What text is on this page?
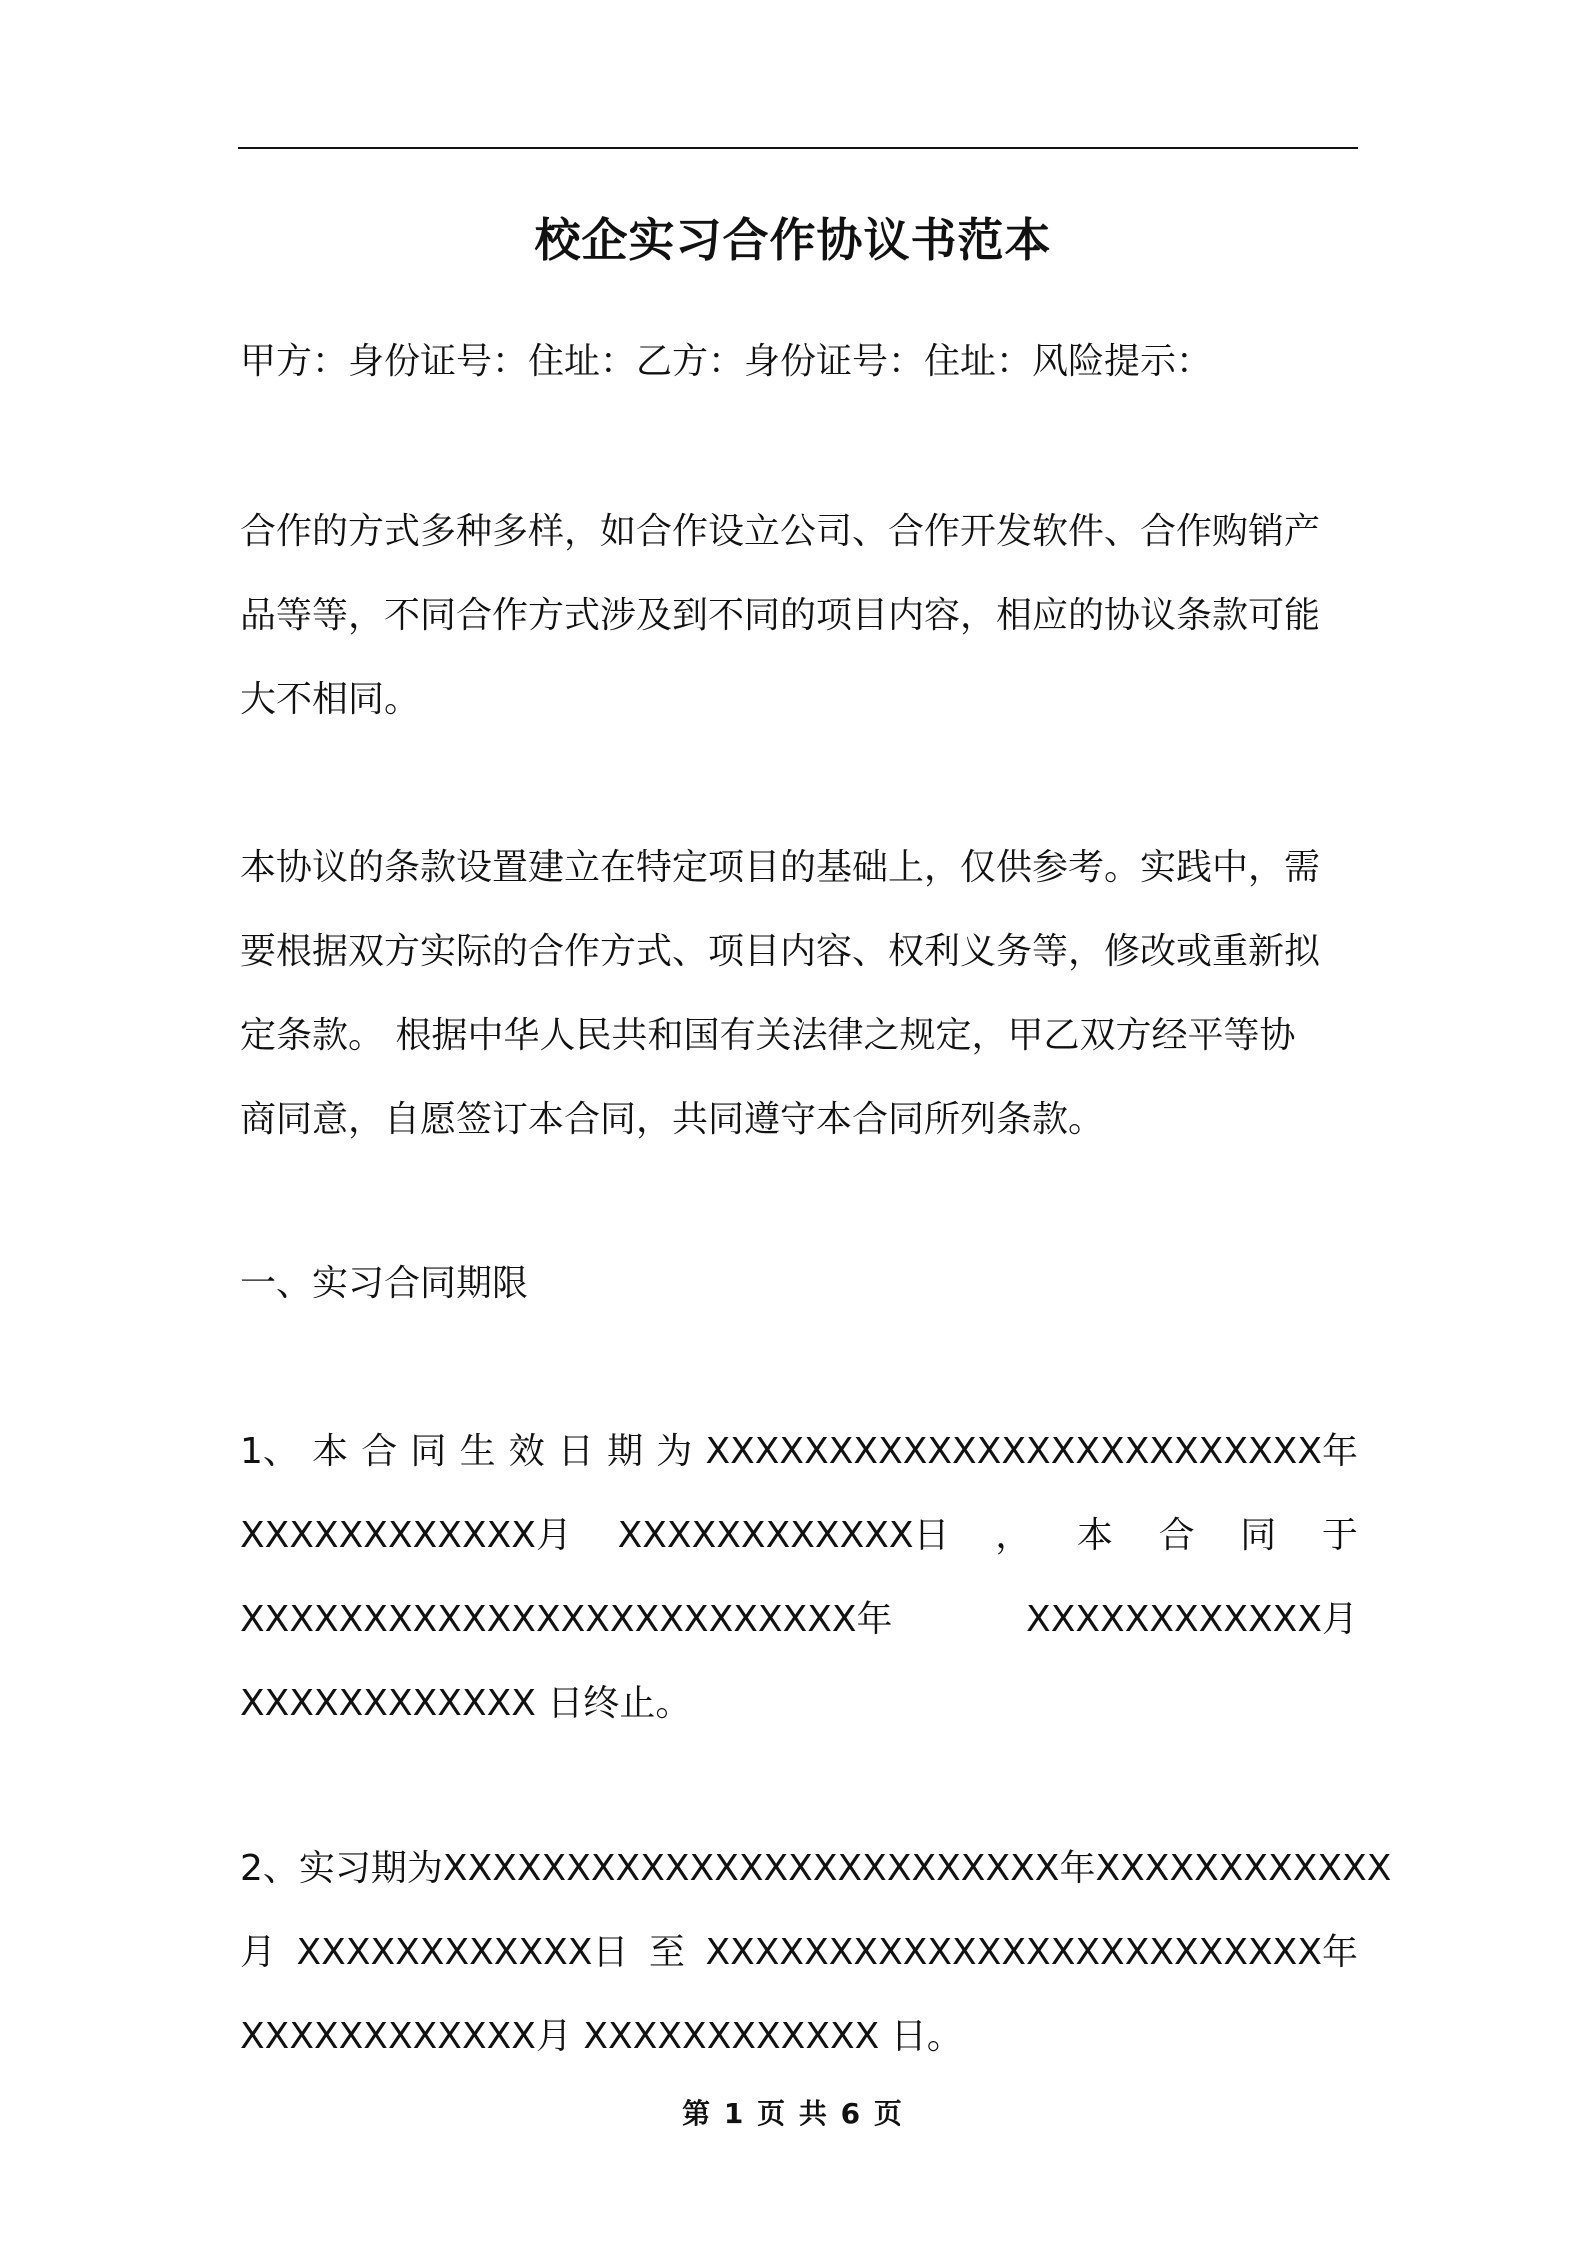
校企实习合作协议书范本

甲方：身份证号：住址：乙方：身份证号：住址：风险提示：

合作的方式多种多样，如合作设立公司、合作开发软件、合作购销产
品等等，不同合作方式涉及到不同的项目内容，相应的协议条款可能
大不相同。

本协议的条款设置建立在特定项目的基础上，仅供参考。实践中，需
要根据双方实际的合作方式、项目内容、权利义务等，修改或重新拟
定条款。 根据中华人民共和国有关法律之规定，甲乙双方经平等协
商同意，自愿签订本合同，共同遵守本合同所列条款。

一、实习合同期限

1、 本 合 同 生 效 日 期 为 XXXXXXXXXXXXXXXXXXXXXXXXX年
XXXXXXXXXXXX月 XXXXXXXXXXXX日 ， 本 合 同 于
XXXXXXXXXXXXXXXXXXXXXXXXX年	XXXXXXXXXXXX月
XXXXXXXXXXXX 日终止。
2、实习期为XXXXXXXXXXXXXXXXXXXXXXXXX年XXXXXXXXXXXX
月 XXXXXXXXXXXX日 至 XXXXXXXXXXXXXXXXXXXXXXXXX年
XXXXXXXXXXXX月 XXXXXXXXXXXX 日。
第 1 页 共 6 页
